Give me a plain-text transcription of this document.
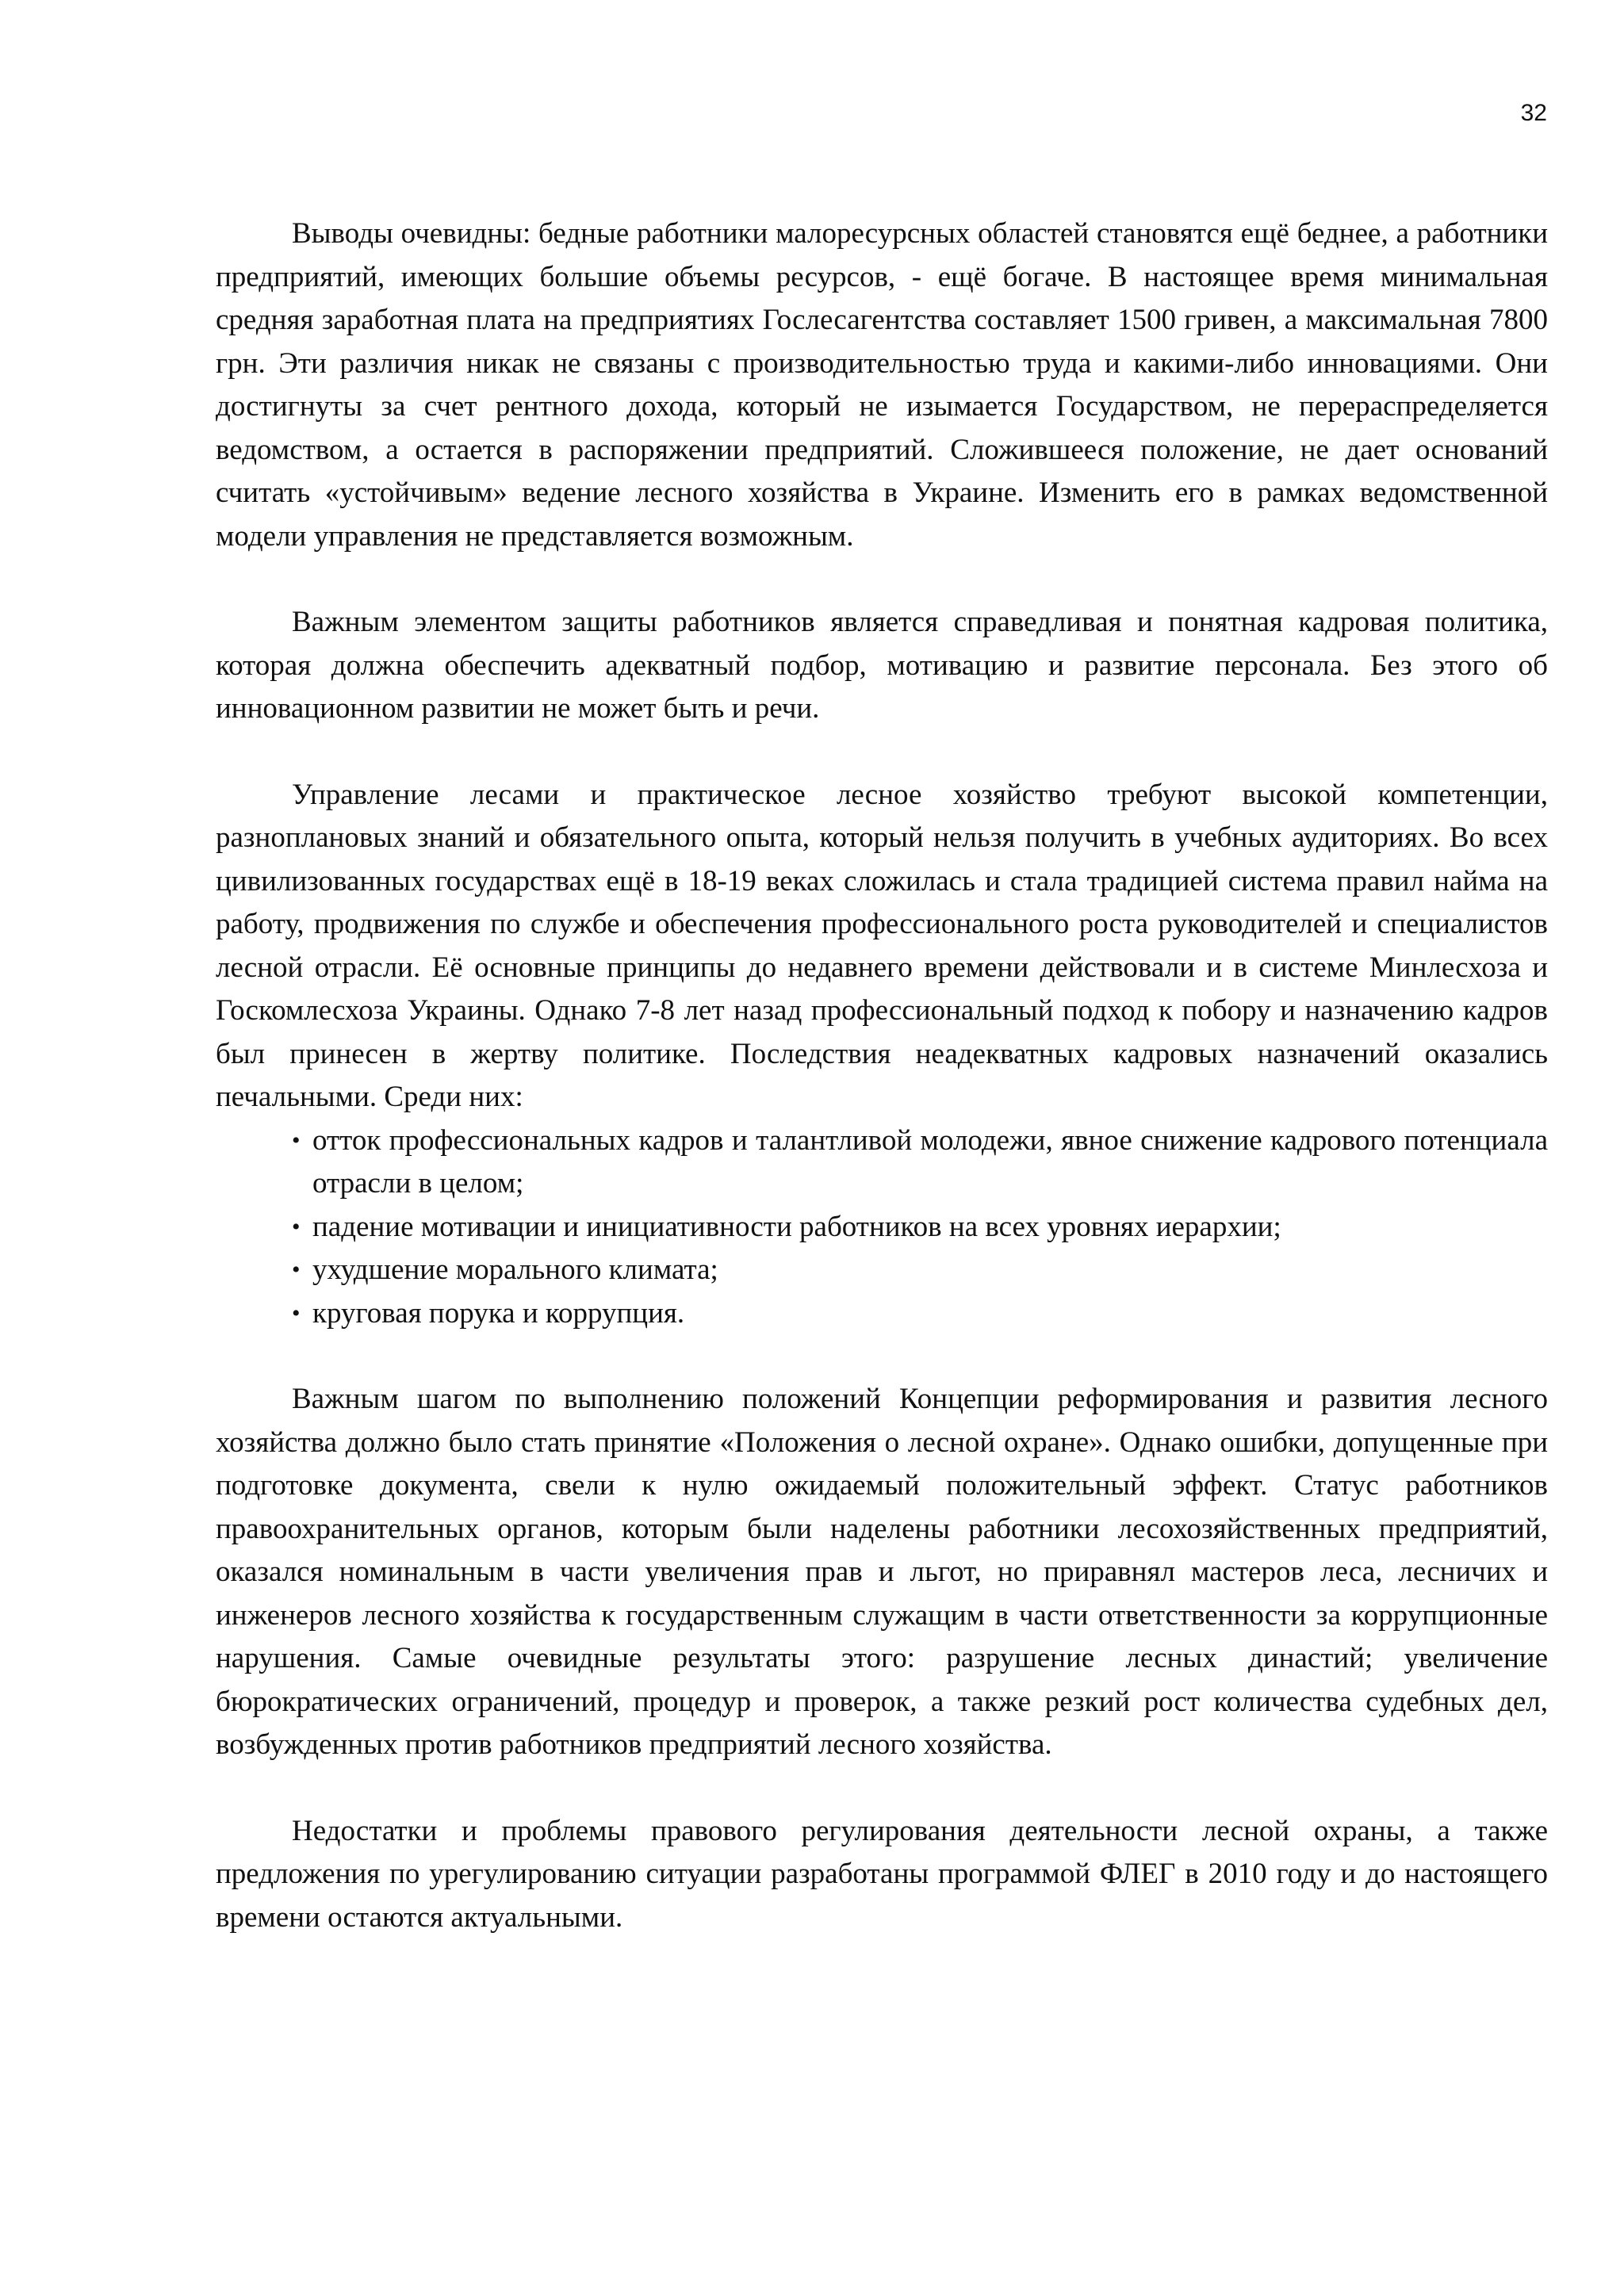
32

Выводы очевидны: бедные работники малоресурсных областей становятся ещё беднее, а работники предприятий, имеющих большие объемы ресурсов, - ещё богаче. В настоящее время минимальная средняя заработная плата на предприятиях Гослесагентства составляет 1500 гривен, а максимальная 7800 грн. Эти различия никак не связаны с производительностью труда и какими-либо инновациями. Они достигнуты за счет рентного дохода, который не изымается Государством, не перераспределяется ведомством, а остается в распоряжении предприятий. Сложившееся положение, не дает оснований считать «устойчивым» ведение лесного хозяйства в Украине. Изменить его в рамках ведомственной модели управления не представляется возможным.

Важным элементом защиты работников является справедливая и понятная кадровая политика, которая должна обеспечить адекватный подбор, мотивацию и развитие персонала. Без этого об инновационном развитии не может быть и речи.

Управление лесами и практическое лесное хозяйство требуют высокой компетенции, разноплановых знаний и обязательного опыта, который нельзя получить в учебных аудиториях. Во всех цивилизованных государствах ещё в 18-19 веках сложилась и стала традицией система правил найма на работу, продвижения по службе и обеспечения профессионального роста руководителей и специалистов лесной отрасли. Её основные принципы до недавнего времени действовали и в системе Минлесхоза и Госкомлесхоза Украины. Однако 7-8 лет назад профессиональный подход к побору и назначению кадров был принесен в жертву политике. Последствия неадекватных кадровых назначений оказались печальными. Среди них:

• отток профессиональных кадров и талантливой молодежи, явное снижение кадрового потенциала отрасли в целом;
• падение мотивации и инициативности работников на всех уровнях иерархии;
• ухудшение морального климата;
• круговая порука и коррупция.

Важным шагом по выполнению положений Концепции реформирования и развития лесного хозяйства должно было стать принятие «Положения о лесной охране». Однако ошибки, допущенные при подготовке документа, свели к нулю ожидаемый положительный эффект. Статус работников правоохранительных органов, которым были наделены работники лесохозяйственных предприятий, оказался номинальным в части увеличения прав и льгот, но приравнял мастеров леса, лесничих и инженеров лесного хозяйства к государственным служащим в части ответственности за коррупционные нарушения. Самые очевидные результаты этого: разрушение лесных династий; увеличение бюрократических ограничений, процедур и проверок, а также резкий рост количества судебных дел, возбужденных против работников предприятий лесного хозяйства.

Недостатки и проблемы правового регулирования деятельности лесной охраны, а также предложения по урегулированию ситуации разработаны программой ФЛЕГ в 2010 году и до настоящего времени остаются актуальными.
